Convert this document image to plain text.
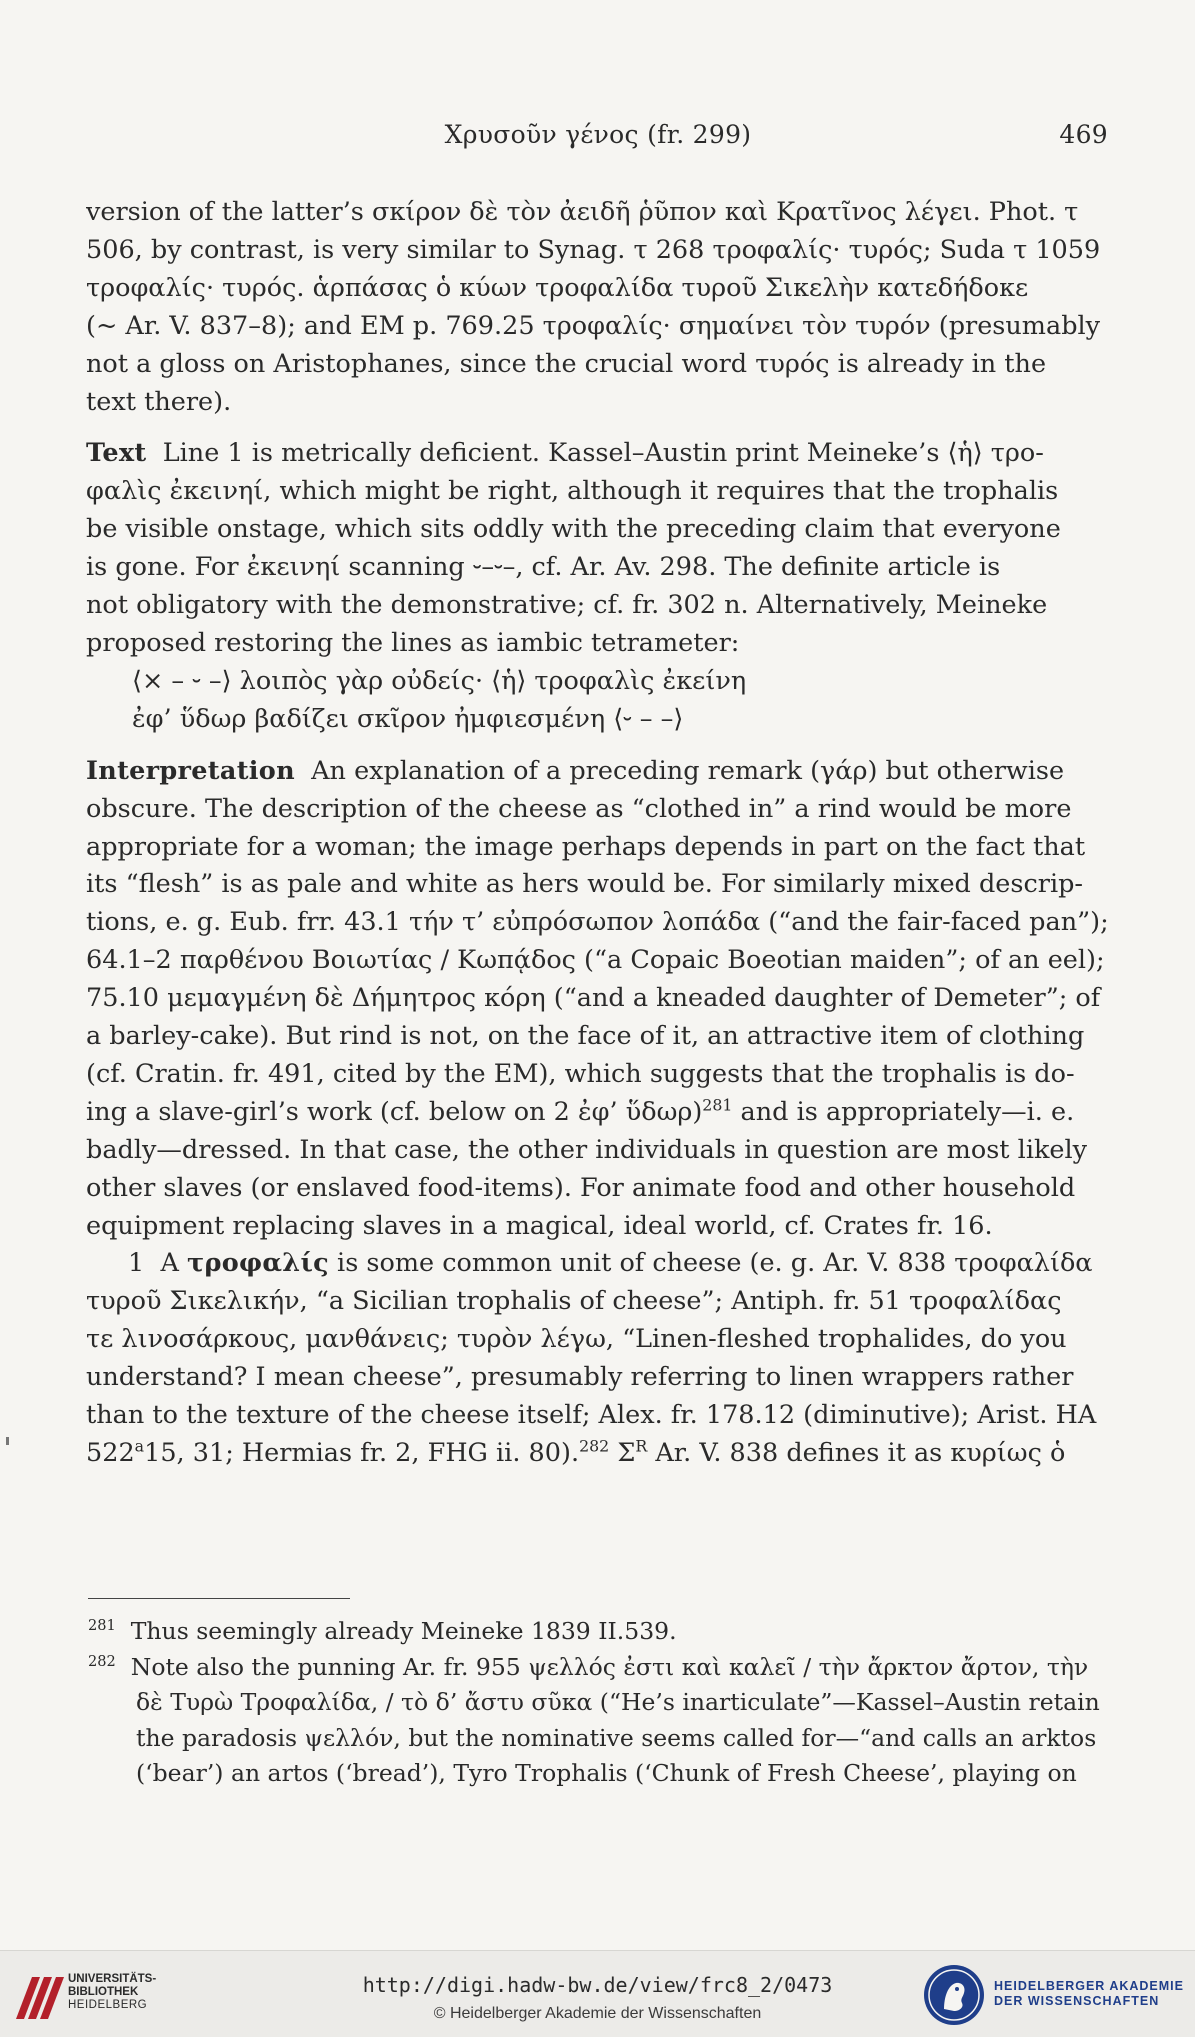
Χρυσοῦν γένος (fr. 299)	469

version of the latter’s σκίρον δὲ τὸν ἀειδῆ ῥῦπον καὶ Κρατῖνος λέγει. Phot. τ
506, by contrast, is very similar to Synag. τ 268 τροφαλίς· τυρός; Suda τ 1059
τροφαλίς· τυρός. ἁρπάσας ὁ κύων τροφαλίδα τυροῦ Σικελὴν κατεδήδοκε
(~ Ar. V. 837–8); and EM p. 769.25 τροφαλίς· σημαίνει τὸν τυρόν (presumably
not a gloss on Aristophanes, since the crucial word τυρός is already in the
text there).

Text Line 1 is metrically deficient. Kassel–Austin print Meineke’s ⟨ἡ⟩ τρο-
φαλὶς ἐκεινηί, which might be right, although it requires that the trophalis
be visible onstage, which sits oddly with the preceding claim that everyone
is gone. For ἐκεινηί scanning ⏑–⏑–, cf. Ar. Av. 298. The definite article is
not obligatory with the demonstrative; cf. fr. 302 n. Alternatively, Meineke
proposed restoring the lines as iambic tetrameter:
⟨× – ⏑ –⟩ λοιπὸς γὰρ οὐδείς· ⟨ἡ⟩ τροφαλὶς ἐκείνη
ἐφ’ ὕδωρ βαδίζει σκῖρον ἠμφιεσμένη ⟨⏑ – –⟩

Interpretation An explanation of a preceding remark (γάρ) but otherwise
obscure. The description of the cheese as “clothed in” a rind would be more
appropriate for a woman; the image perhaps depends in part on the fact that
its “flesh” is as pale and white as hers would be. For similarly mixed descrip-
tions, e. g. Eub. frr. 43.1 τήν τ’ εὐπρόσωπον λοπάδα (“and the fair-faced pan”);
64.1–2 παρθένου Βοιωτίας / Κωπᾴδος (“a Copaic Boeotian maiden”; of an eel);
75.10 μεμαγμένη δὲ Δήμητρος κόρη (“and a kneaded daughter of Demeter”; of
a barley-cake). But rind is not, on the face of it, an attractive item of clothing
(cf. Cratin. fr. 491, cited by the EM), which suggests that the trophalis is do-
ing a slave-girl’s work (cf. below on 2 ἐφ’ ὕδωρ)$^{281}$ and is appropriately—i. e.
badly—dressed. In that case, the other individuals in question are most likely
other slaves (or enslaved food-items). For animate food and other household
equipment replacing slaves in a magical, ideal world, cf. Crates fr. 16.

1 A τροφαλίς is some common unit of cheese (e. g. Ar. V. 838 τροφαλίδα
τυροῦ Σικελικήν, “a Sicilian trophalis of cheese”; Antiph. fr. 51 τροφαλίδας
τε λινοσάρκους, μανθάνεις; τυρὸν λέγω, “Linen-fleshed trophalides, do you
understand? I mean cheese”, presumably referring to linen wrappers rather
than to the texture of the cheese itself; Alex. fr. 178.12 (diminutive); Arist. HA
522$^a$15, 31; Hermias fr. 2, FHG ii. 80).$^{282}$ $\Sigma^R$ Ar. V. 838 defines it as κυρίως ὁ

$^{281}$ Thus seemingly already Meineke 1839 II.539.
$^{282}$ Note also the punning Ar. fr. 955 ψελλός ἐστι καὶ καλεῖ / τὴν ἄρκτον ἄρτον, τὴν
δὲ Τυρὼ Τροφαλίδα, / τὸ δ’ ἄστυ σῦκα (“He’s inarticulate”—Kassel–Austin retain
the paradosis ψελλόν, but the nominative seems called for—“and calls an arktos
(‘bear’) an artos (‘bread’), Tyro Trophalis (‘Chunk of Fresh Cheese’, playing on
UNIVERSITÄTS-
BIBLIOTHEK
HEIDELBERG
http://digi.hadw-bw.de/view/frc8_2/0473
© Heidelberger Akademie der Wissenschaften
HEIDELBERGER AKADEMIE
DER WISSENSCHAFTEN
